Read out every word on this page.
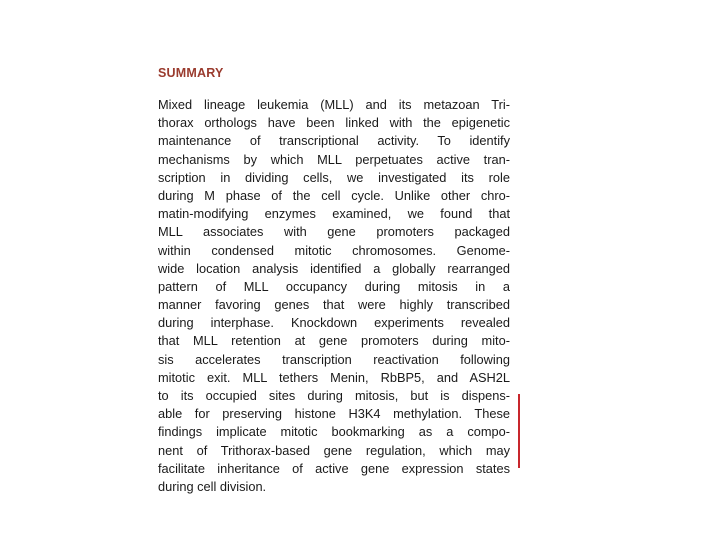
SUMMARY
Mixed lineage leukemia (MLL) and its metazoan Tri-
thorax orthologs have been linked with the epigenetic
maintenance of transcriptional activity. To identify
mechanisms by which MLL perpetuates active tran-
scription in dividing cells, we investigated its role
during M phase of the cell cycle. Unlike other chro-
matin-modifying enzymes examined, we found that
MLL associates with gene promoters packaged
within condensed mitotic chromosomes. Genome-
wide location analysis identified a globally rearranged
pattern of MLL occupancy during mitosis in a
manner favoring genes that were highly transcribed
during interphase. Knockdown experiments revealed
that MLL retention at gene promoters during mito-
sis accelerates transcription reactivation following
mitotic exit. MLL tethers Menin, RbBP5, and ASH2L
to its occupied sites during mitosis, but is dispens-
able for preserving histone H3K4 methylation. These
findings implicate mitotic bookmarking as a compo-
nent of Trithorax-based gene regulation, which may
facilitate inheritance of active gene expression states
during cell division.
